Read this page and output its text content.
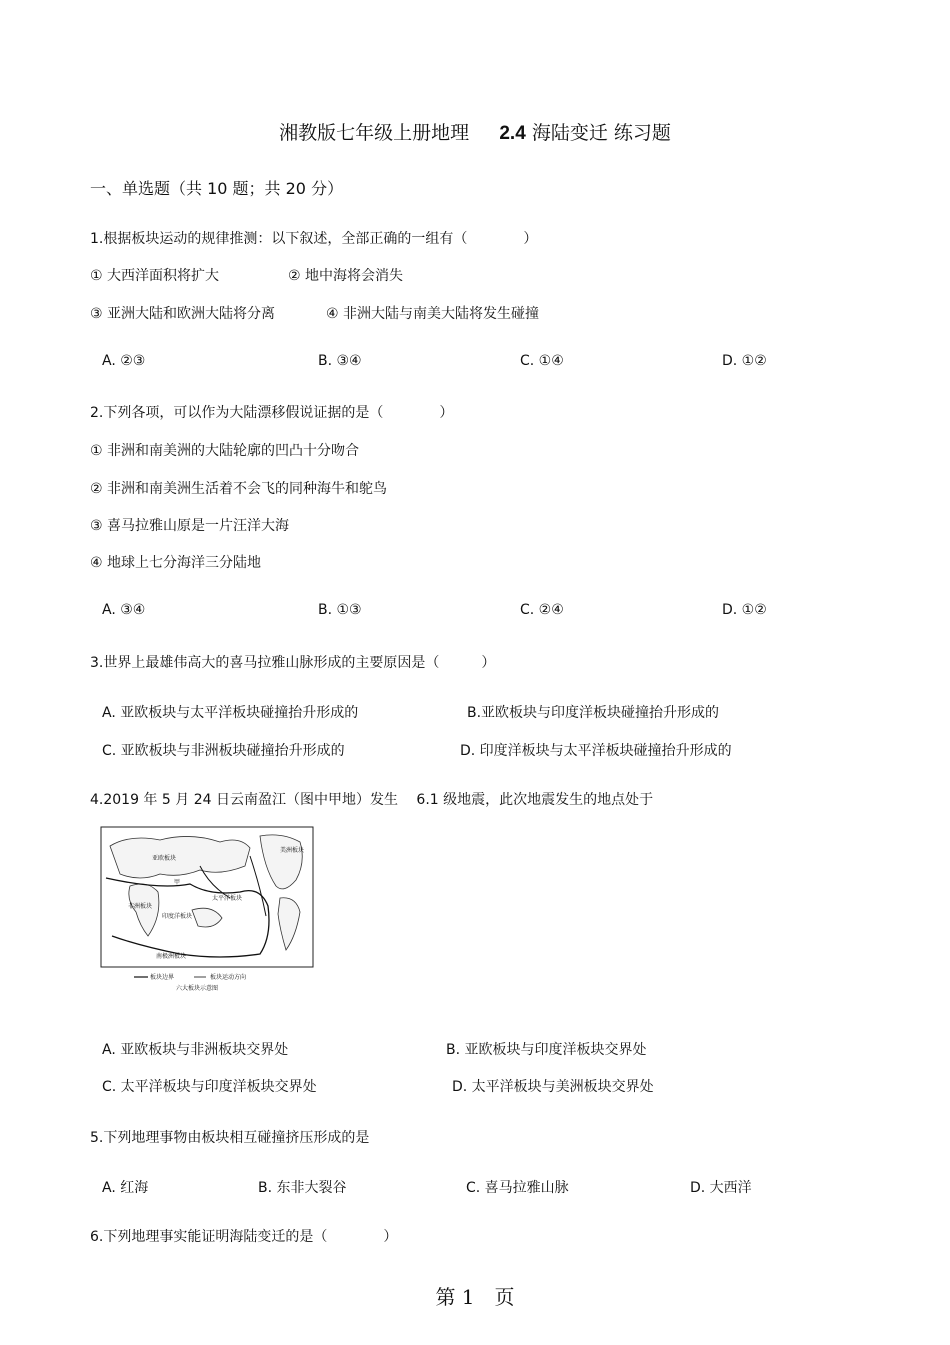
湘教版七年级上册地理 2.4 海陆变迁 练习题
一、单选题（共 10 题；共 20 分）
1.根据板块运动的规律推测：以下叙述，全部正确的一组有（　　　　）
① 大西洋面积将扩大	② 地中海将会消失
③ 亚洲大陆和欧洲大陆将分离	④ 非洲大陆与南美大陆将发生碰撞
A. ②③	B. ③④	C. ①④	D. ①②
2.下列各项，可以作为大陆漂移假说证据的是（　　　　）
① 非洲和南美洲的大陆轮廓的凹凸十分吻合
② 非洲和南美洲生活着不会飞的同种海牛和鸵鸟
③ 喜马拉雅山原是一片汪洋大海
④ 地球上七分海洋三分陆地
A. ③④	B. ①③	C. ②④	D. ①②
3.世界上最雄伟高大的喜马拉雅山脉形成的主要原因是（　　　）
A. 亚欧板块与太平洋板块碰撞抬升形成的	B.亚欧板块与印度洋板块碰撞抬升形成的
C. 亚欧板块与非洲板块碰撞抬升形成的	D. 印度洋板块与太平洋板块碰撞抬升形成的
4.2019 年 5 月 24 日云南盈江（图中甲地）发生　 6.1 级地震，此次地震发生的地点处于
亚欧板块
美洲板块
非洲板块
印度洋板块
太平洋板块
南极洲板块
甲
板块边界	板块运动方向
六大板块示意图
A. 亚欧板块与非洲板块交界处	B. 亚欧板块与印度洋板块交界处
C. 太平洋板块与印度洋板块交界处	D. 太平洋板块与美洲板块交界处
5.下列地理事物由板块相互碰撞挤压形成的是
A. 红海	B. 东非大裂谷	C. 喜马拉雅山脉	D. 大西洋
6.下列地理事实能证明海陆变迁的是（　　　　）
第 1　页
